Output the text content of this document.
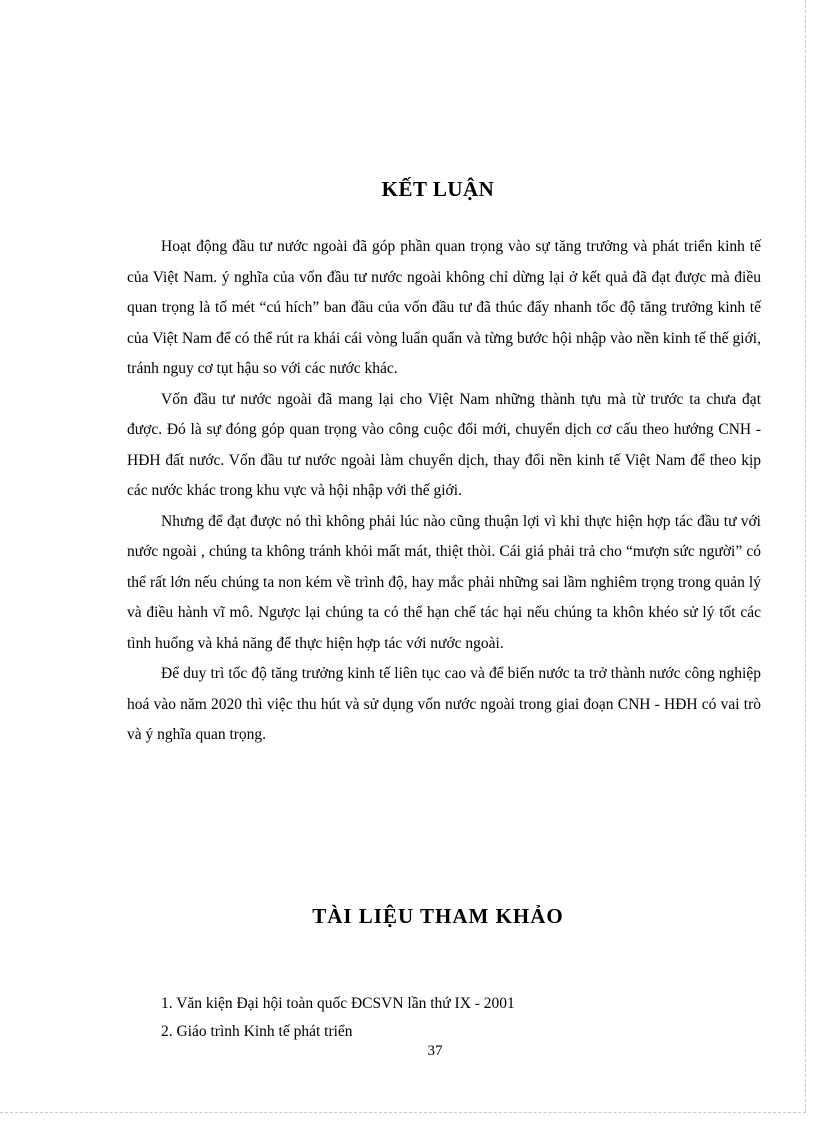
KẾT LUẬN

Hoạt động đầu tư nước ngoài đã góp phần quan trọng vào sự tăng trưởng và phát triển kinh tế của Việt Nam. ý nghĩa của vốn đầu tư nước ngoài không chỉ dừng lại ở kết quả đã đạt được mà điều quan trọng là tố mét “cú hích” ban đầu của vốn đầu tư đã thúc đẩy nhanh tốc độ tăng trưởng kinh tế của Việt Nam để có thể rút ra khái cái vòng luẩn quẩn và từng bước hội nhập vào nền kinh tế thế giới, tránh nguy cơ tụt hậu so với các nước khác.

Vốn đầu tư nước ngoài đã mang lại cho Việt Nam những thành tựu mà từ trước ta chưa đạt được. Đó là sự đóng góp quan trọng vào công cuộc đổi mới, chuyển dịch cơ cấu theo hướng CNH - HĐH đất nước. Vốn đầu tư nước ngoài làm chuyển dịch, thay đổi nền kinh tế Việt Nam để theo kịp các nước khác trong khu vực và hội nhập với thế giới.

Nhưng để đạt được nó thì không phải lúc nào cũng thuận lợi vì khi thực hiện hợp tác đầu tư với nước ngoài , chúng ta không tránh khỏi mất mát, thiệt thòi. Cái giá phải trả cho “mượn sức người” có thể rất lớn nếu chúng ta non kém về trình độ, hay mắc phải những sai lầm nghiêm trọng trong quản lý và điều hành vĩ mô. Ngược lại chúng ta có thể hạn chế tác hại nếu chúng ta khôn khéo sử lý tốt các tình huống và khả năng để thực hiện hợp tác với nước ngoài.

Để duy trì tốc độ tăng trưởng kinh tế liên tục cao và để biến nước ta trở thành nước công nghiệp hoá vào năm 2020 thì việc thu hút và sử dụng vốn nước ngoài trong giai đoạn CNH - HĐH có vai trò và ý nghĩa quan trọng.

TÀI LIỆU THAM KHẢO
1. Văn kiện Đại hội toàn quốc ĐCSVN lần thứ IX - 2001
2. Giáo trình Kinh tế phát triển
37
